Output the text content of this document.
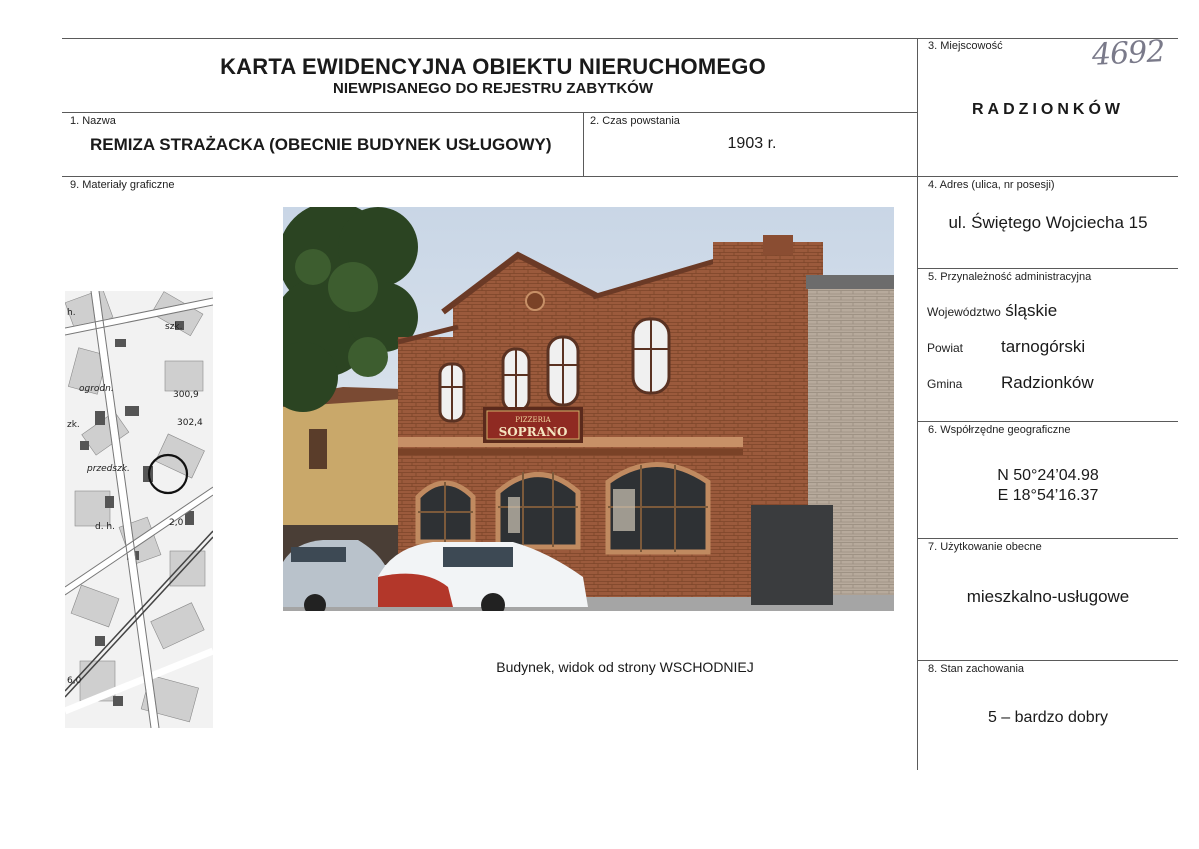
KARTA EWIDENCYJNA OBIEKTU NIERUCHOMEGO
NIEWPISANEGO DO REJESTRU ZABYTKÓW
4692
1. Nazwa
REMIZA STRAŻACKA (OBECNIE BUDYNEK USŁUGOWY)
2. Czas powstania
1903 r.
3. Miejscowość
RADZIONKÓW
9. Materiały graficzne	4. Adres (ulica, nr posesji)
ul. Świętego Wojciecha 15
5. Przynależność administracyjna
Województwo śląskie
Powiat tarnogórski
Gmina Radzionków
6. Współrzędne geograficzne
N 50°24’04.98
E 18°54’16.37
7. Użytkowanie obecne
mieszkalno-usługowe
8. Stan zachowania
5 – bardzo dobry
szk.
ogrodn.
300,9
302,4
zk.
przedszk.
d. h.	2,0
6,0
h.
PIZZERIA
SOPRANO
Budynek, widok od strony WSCHODNIEJ
